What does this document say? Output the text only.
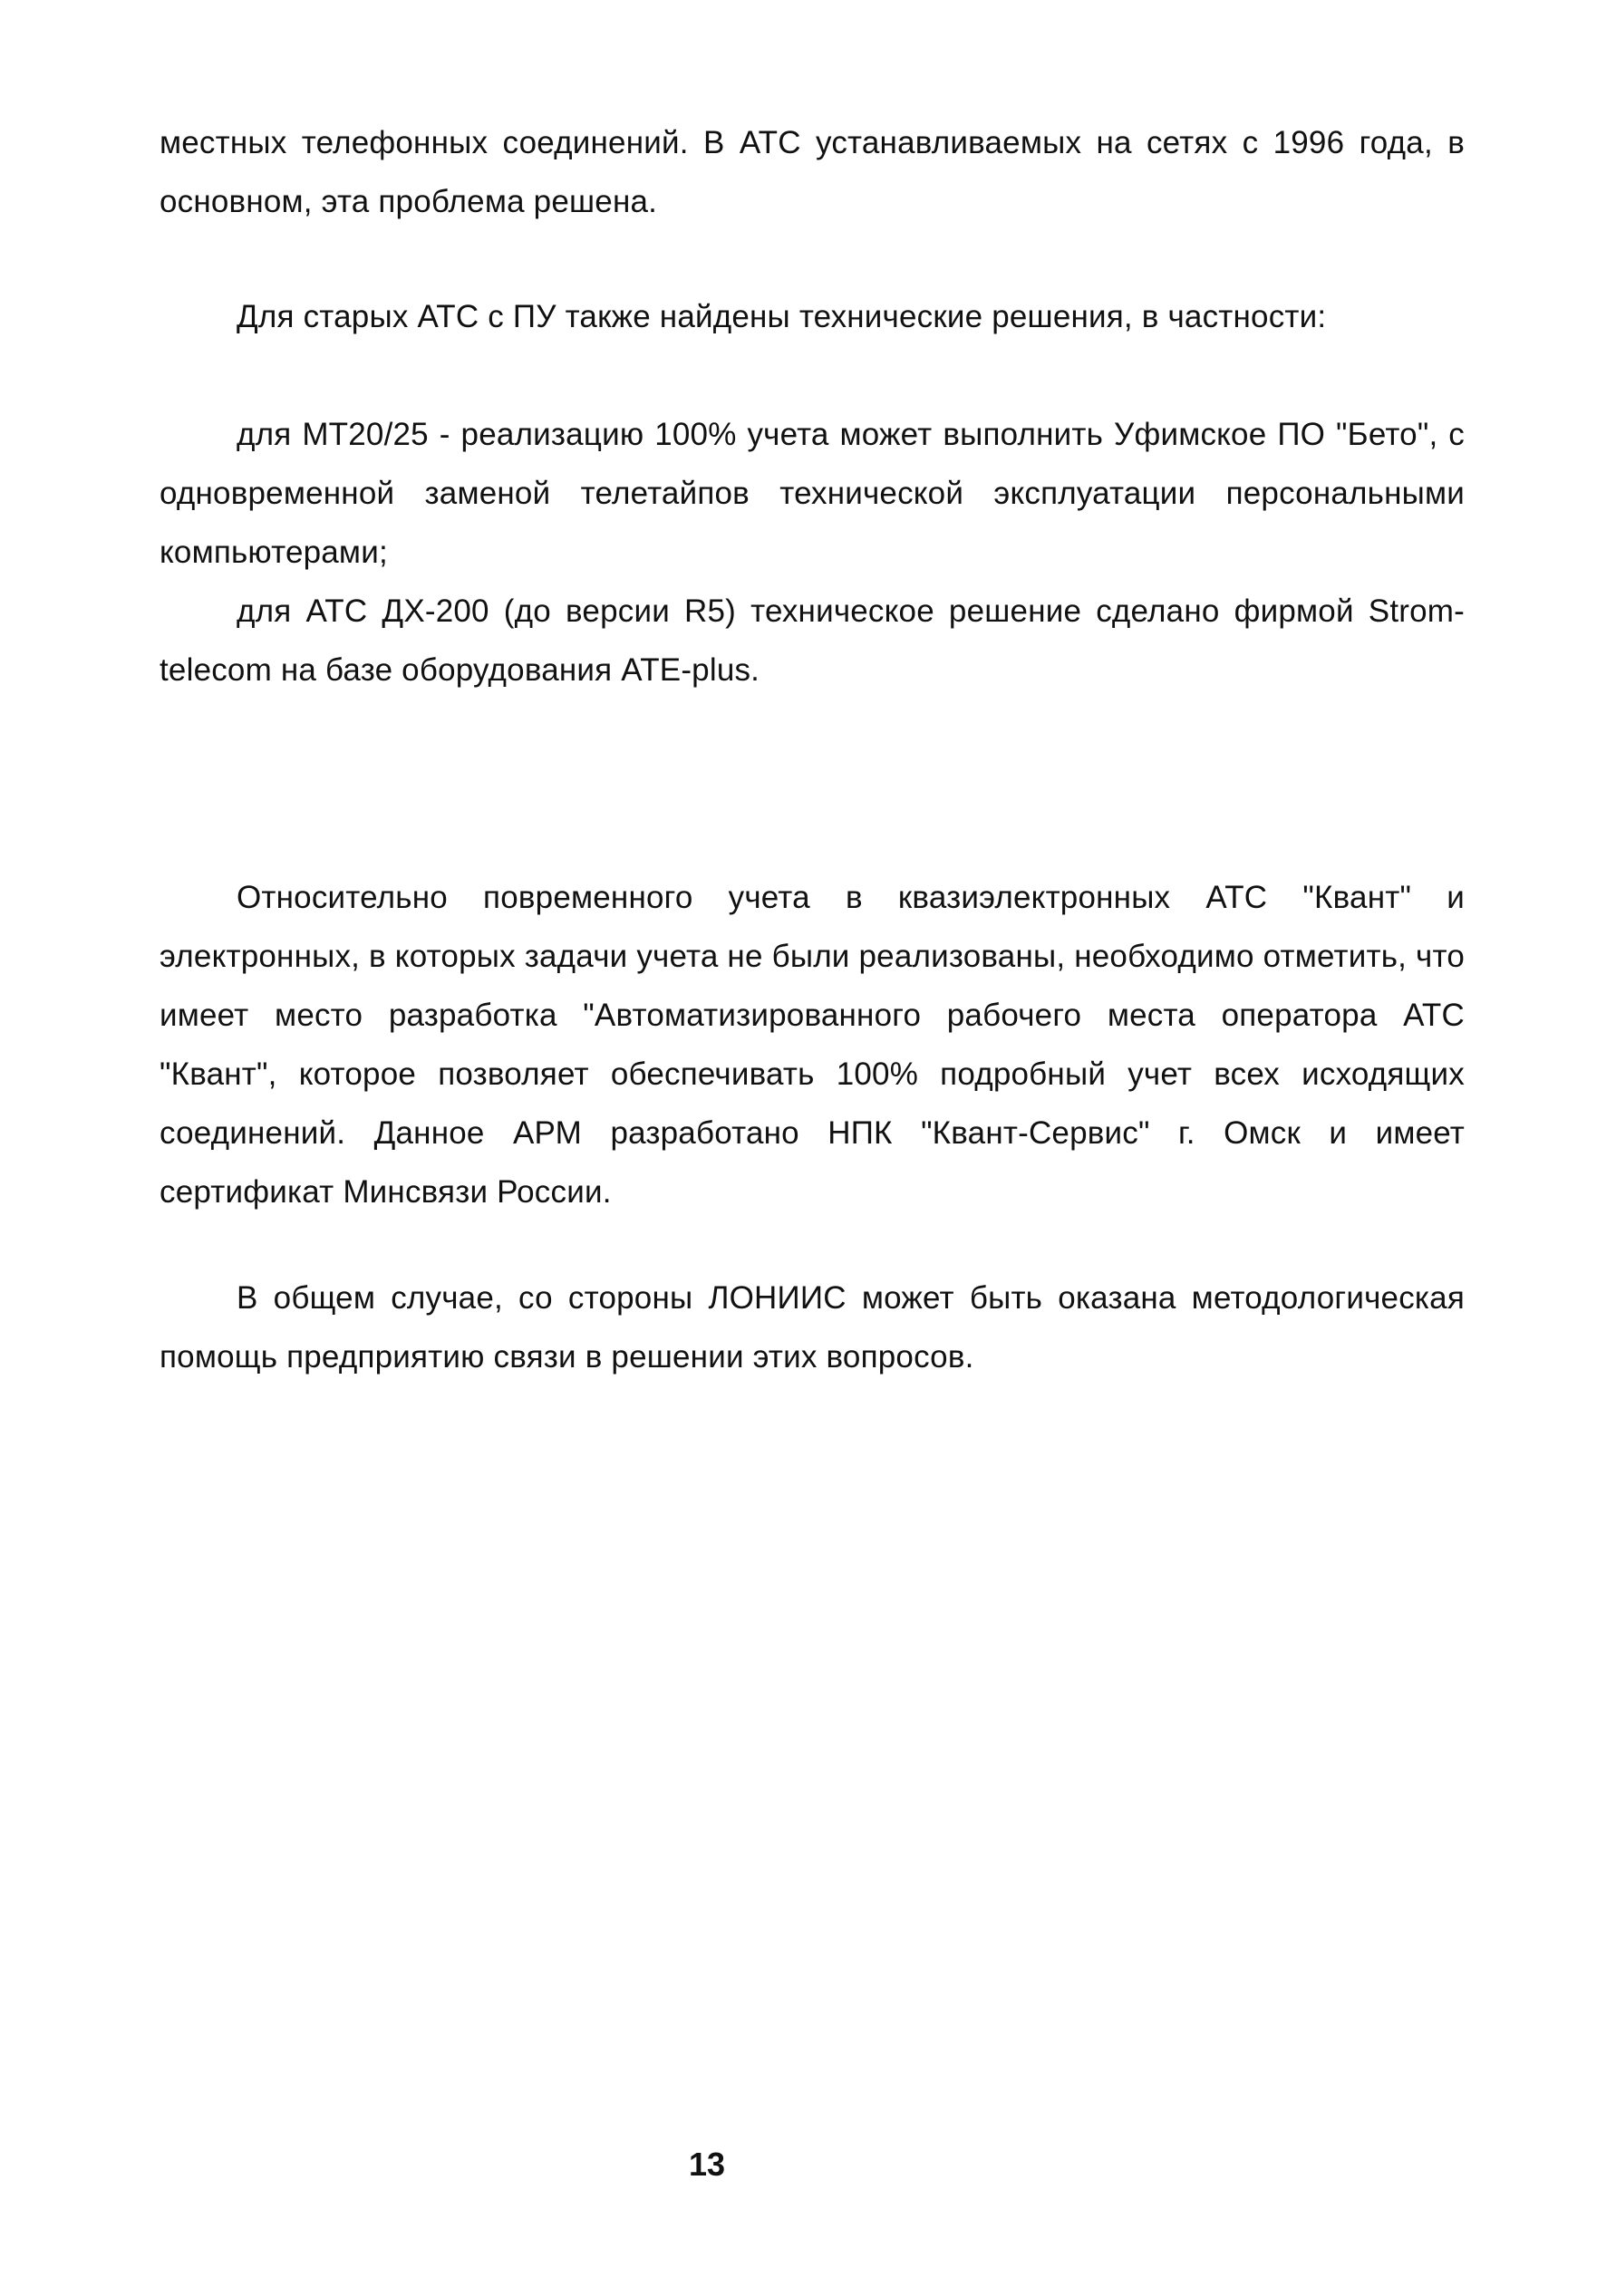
местных телефонных соединений. В АТС устанавливаемых на сетях с 1996 года, в основном, эта проблема решена.

Для старых АТС с ПУ также найдены технические решения, в частности:

для МТ20/25 - реализацию 100% учета может выполнить Уфимское ПО "Бето", с одновременной заменой телетайпов технической эксплуатации персональными компьютерами;

для АТС ДХ-200 (до версии R5) техническое решение сделано фирмой Strom-telecom на базе оборудования ATE-plus.

Относительно повременного учета в квазиэлектронных АТС "Квант" и электронных, в которых задачи учета не были реализованы, необходимо отметить, что имеет место разработка "Автоматизированного рабочего места оператора АТС "Квант", которое позволяет обеспечивать 100% подробный учет всех исходящих соединений. Данное АРМ разработано НПК "Квант-Сервис" г. Омск и имеет сертификат Минсвязи России.

В общем случае, со стороны ЛОНИИС может быть оказана методологическая помощь предприятию связи в решении этих вопросов.

13
